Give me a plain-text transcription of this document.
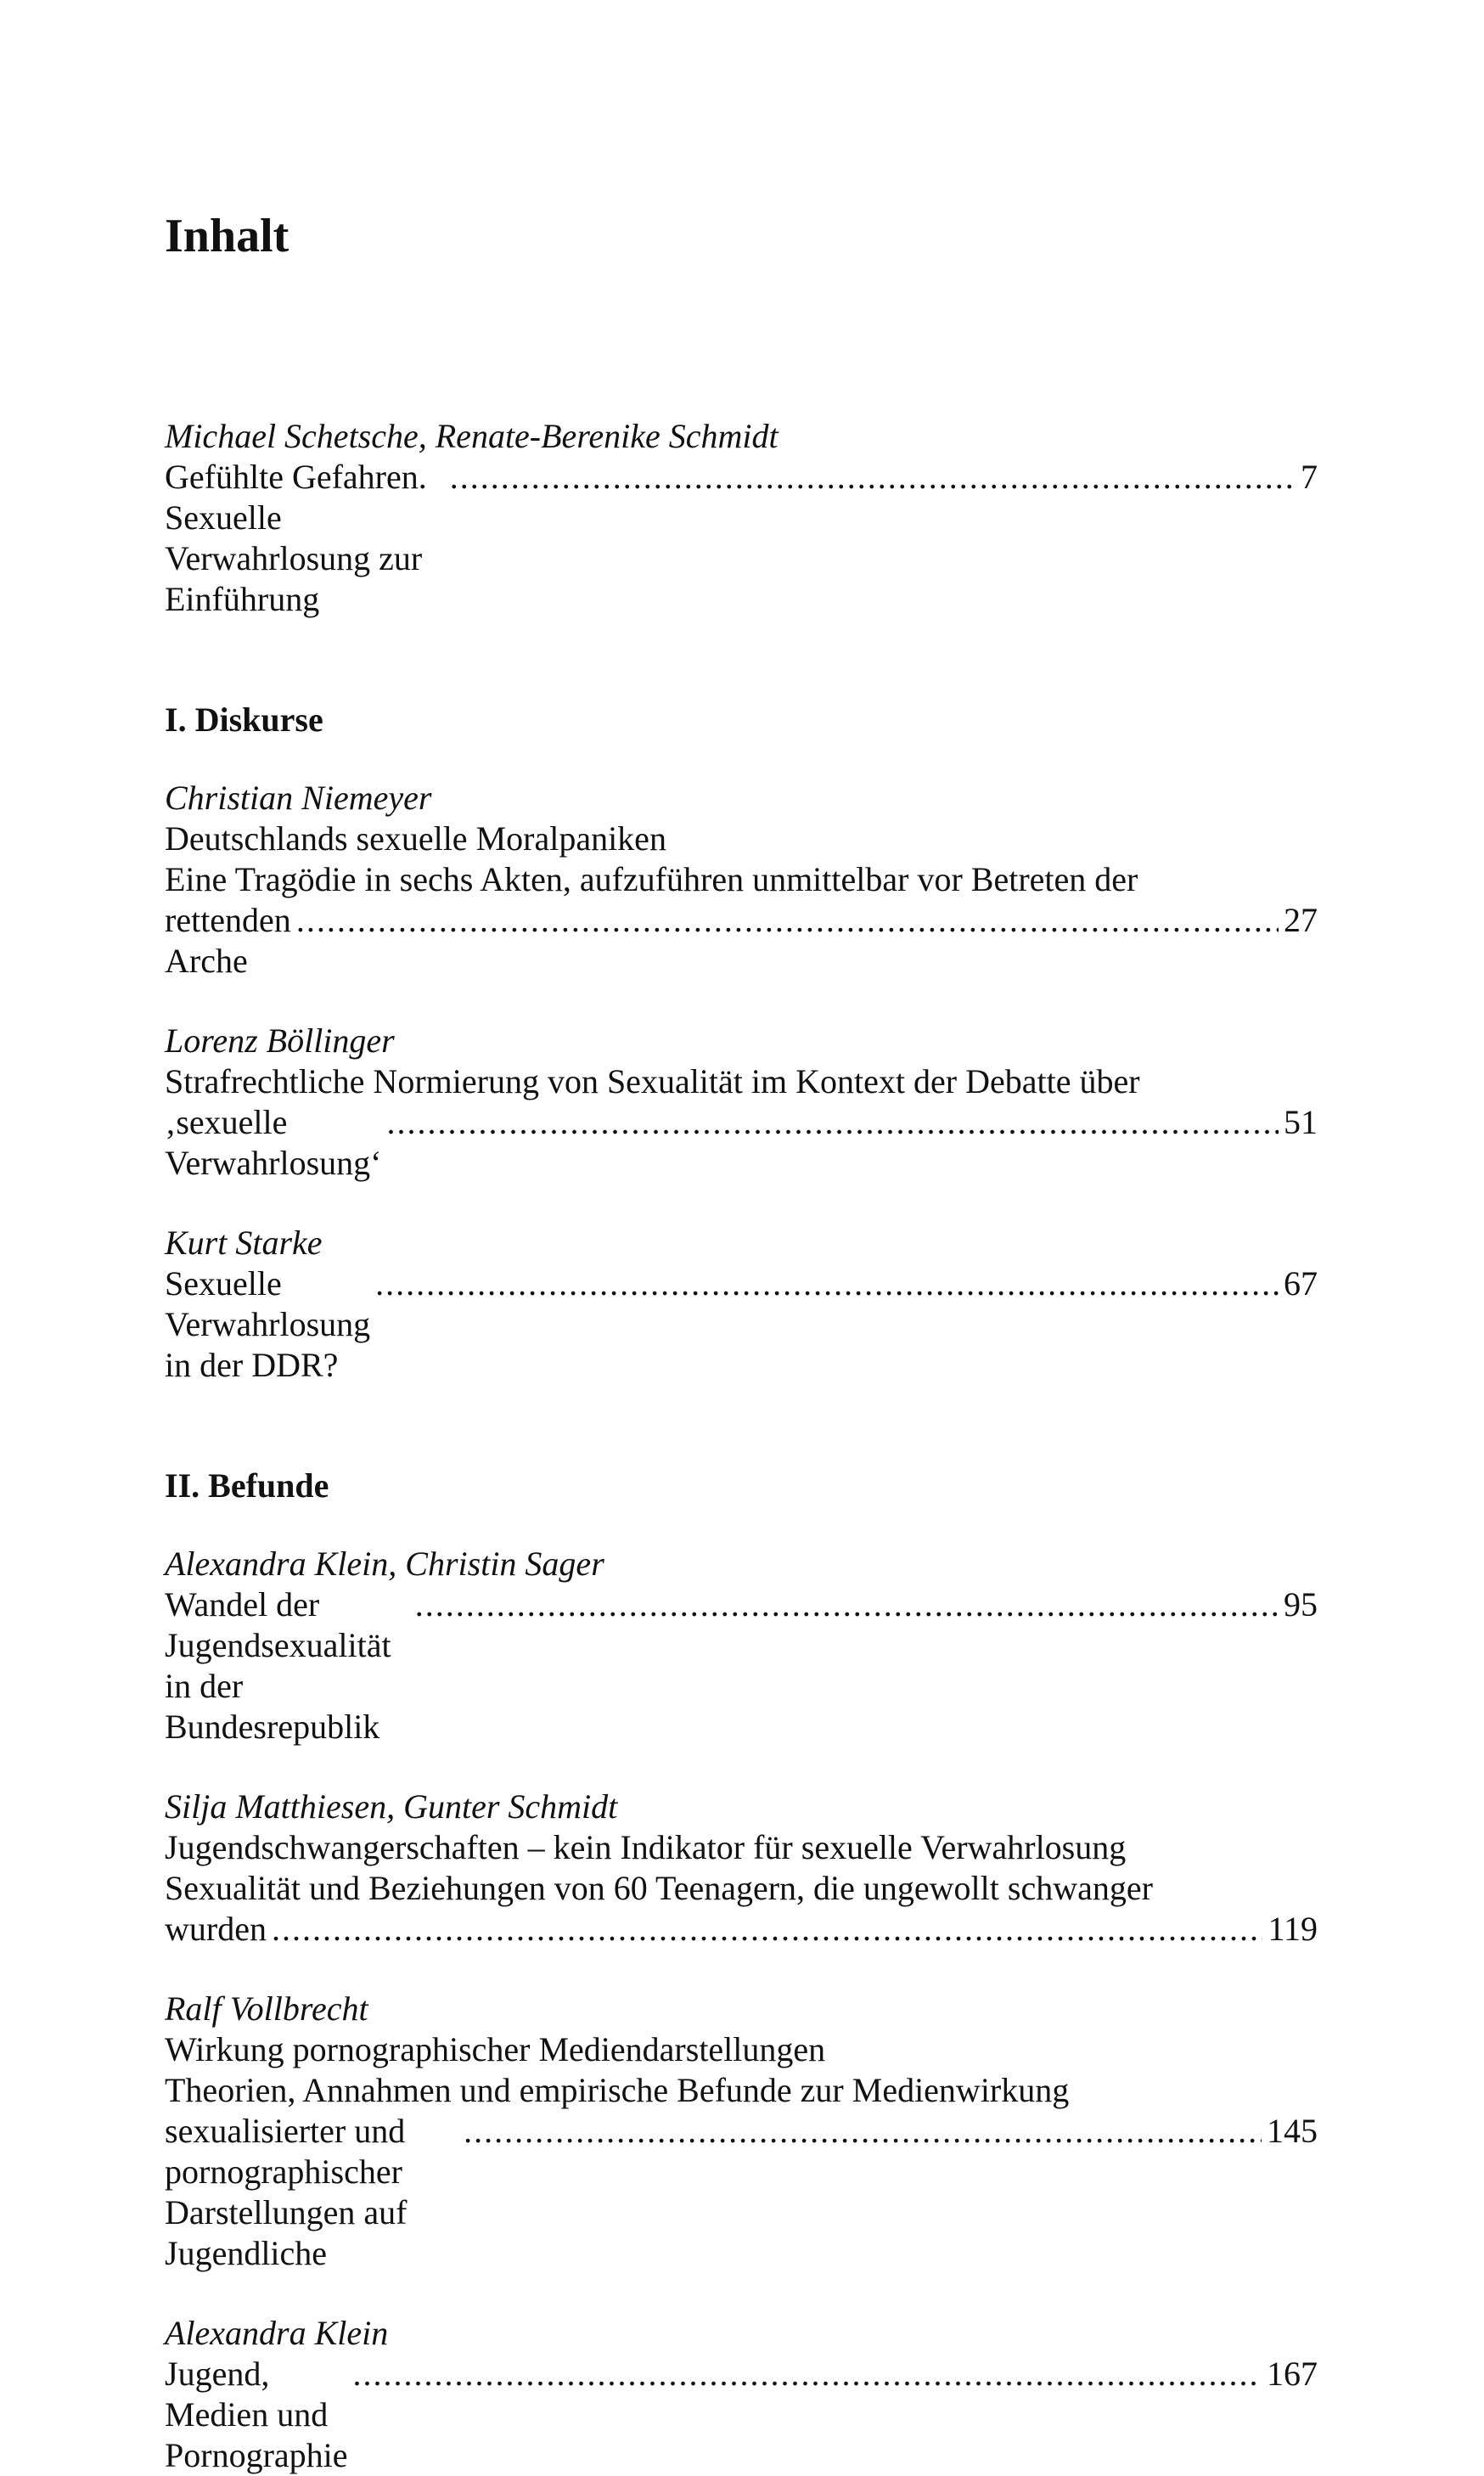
Inhalt
Michael Schetsche, Renate-Berenike Schmidt
Gefühlte Gefahren. Sexuelle Verwahrlosung zur Einführung
.....
7
I. Diskurse
Christian Niemeyer
Deutschlands sexuelle Moralpaniken
Eine Tragödie in sechs Akten, aufzuführen unmittelbar vor Betreten der
rettenden Arche
.....
27
Lorenz Böllinger
Strafrechtliche Normierung von Sexualität im Kontext der Debatte über
‚sexuelle Verwahrlosung‘
.....
51
Kurt Starke
Sexuelle Verwahrlosung in der DDR?
.....
67
II. Befunde
Alexandra Klein, Christin Sager
Wandel der Jugendsexualität in der Bundesrepublik
.....
95
Silja Matthiesen, Gunter Schmidt
Jugendschwangerschaften – kein Indikator für sexuelle Verwahrlosung
Sexualität und Beziehungen von 60 Teenagern, die ungewollt schwanger
wurden
.....	119
Ralf Vollbrecht
Wirkung pornographischer Mediendarstellungen
Theorien, Annahmen und empirische Befunde zur Medienwirkung
sexualisierter und pornographischer Darstellungen auf Jugendliche
.....
145
Alexandra Klein
Jugend, Medien und Pornographie
.....
167
